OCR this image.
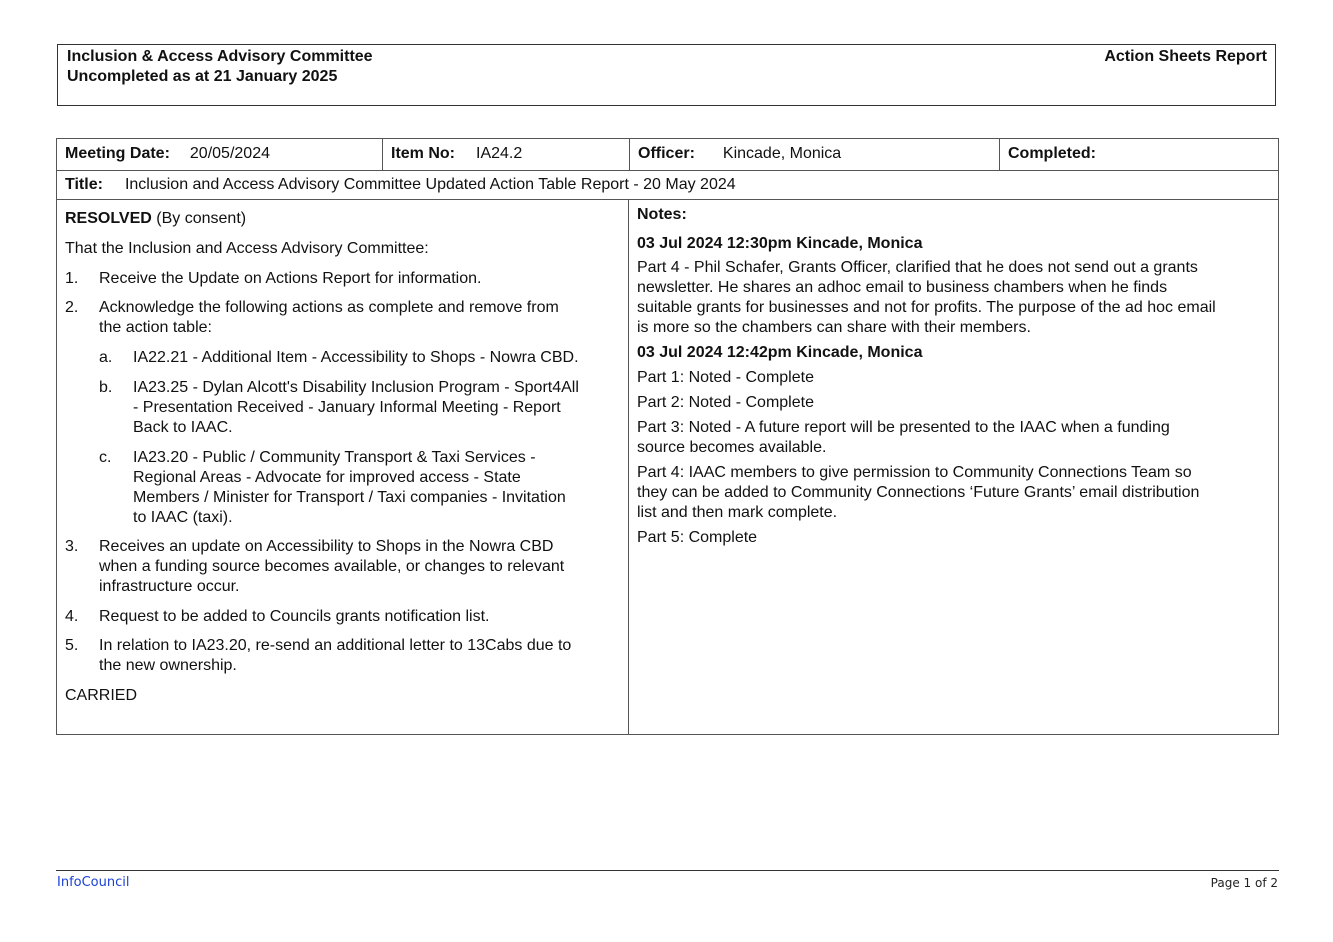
Inclusion & Access Advisory Committee
Uncompleted as at 21 January 2025
Action Sheets Report
Meeting Date: 20/05/2024	Item No: IA24.2	Officer: Kincade, Monica	Completed:
Title: Inclusion and Access Advisory Committee Updated Action Table Report - 20 May 2024
RESOLVED (By consent)
That the Inclusion and Access Advisory Committee:
1. Receive the Update on Actions Report for information.
2. Acknowledge the following actions as complete and remove from
the action table:
a. IA22.21 - Additional Item - Accessibility to Shops - Nowra CBD.
b. IA23.25 - Dylan Alcott's Disability Inclusion Program - Sport4All
- Presentation Received - January Informal Meeting - Report
Back to IAAC.
c. IA23.20 - Public / Community Transport & Taxi Services -
Regional Areas - Advocate for improved access - State
Members / Minister for Transport / Taxi companies - Invitation
to IAAC (taxi).
3. Receives an update on Accessibility to Shops in the Nowra CBD
when a funding source becomes available, or changes to relevant
infrastructure occur.
4. Request to be added to Councils grants notification list.
5. In relation to IA23.20, re-send an additional letter to 13Cabs due to
the new ownership.
CARRIED
Notes:
03 Jul 2024 12:30pm Kincade, Monica
Part 4 - Phil Schafer, Grants Officer, clarified that he does not send out a grants
newsletter. He shares an adhoc email to business chambers when he finds
suitable grants for businesses and not for profits. The purpose of the ad hoc email
is more so the chambers can share with their members.
03 Jul 2024 12:42pm Kincade, Monica
Part 1: Noted - Complete
Part 2: Noted - Complete
Part 3: Noted - A future report will be presented to the IAAC when a funding
source becomes available.
Part 4: IAAC members to give permission to Community Connections Team so
they can be added to Community Connections ‘Future Grants’ email distribution
list and then mark complete.
Part 5: Complete
InfoCouncil	Page 1 of 2
